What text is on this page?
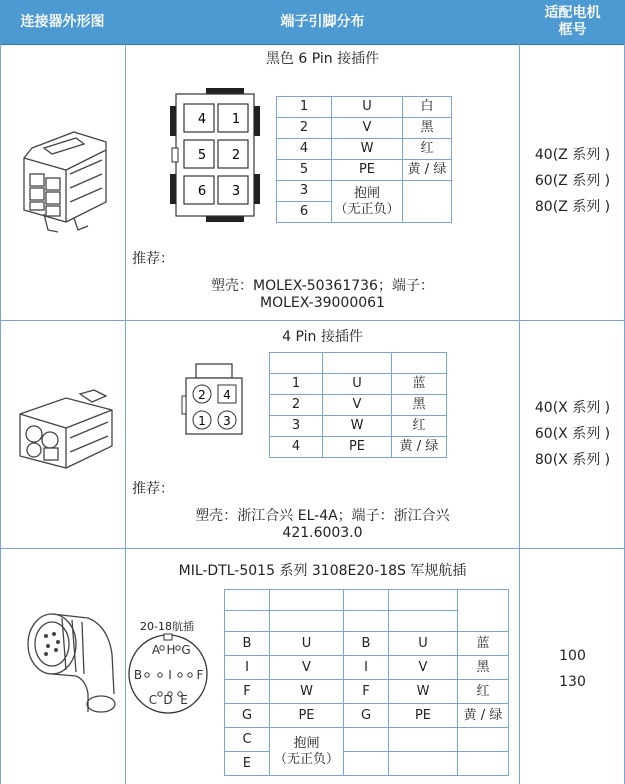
连接器外形图	端子引脚分布
适配电机
框号
黑色 6 Pin 接插件
4 1
5 2
6 3
1	U	白
2	V	黑
4	W	红
5	PE	黄 / 绿
3	抱闸
（无正负）	
6		
推荐：
塑壳：MOLEX-50361736；端子：
MOLEX-39000061
40(Z 系列 )
60(Z 系列 )
80(Z 系列 )
4 Pin 接插件
2 4
1 3

1	U	蓝
2	V	黑
3	W	红
4	PE	黄 / 绿
推荐：
塑壳：浙江合兴 EL-4A；端子：浙江合兴
421.6003.0
40(X 系列 )
60(X 系列 )
80(X 系列 )
MIL-DTL-5015 系列 3108E20-18S 军规航插
20-18航插
A H G
B I F
C D E

B	U	B	U	蓝
I	V	I	V	黑
F	W	F	W	红
G	PE	G	PE	黄 / 绿
C	抱闸
（无正负）			
E				
100
130
